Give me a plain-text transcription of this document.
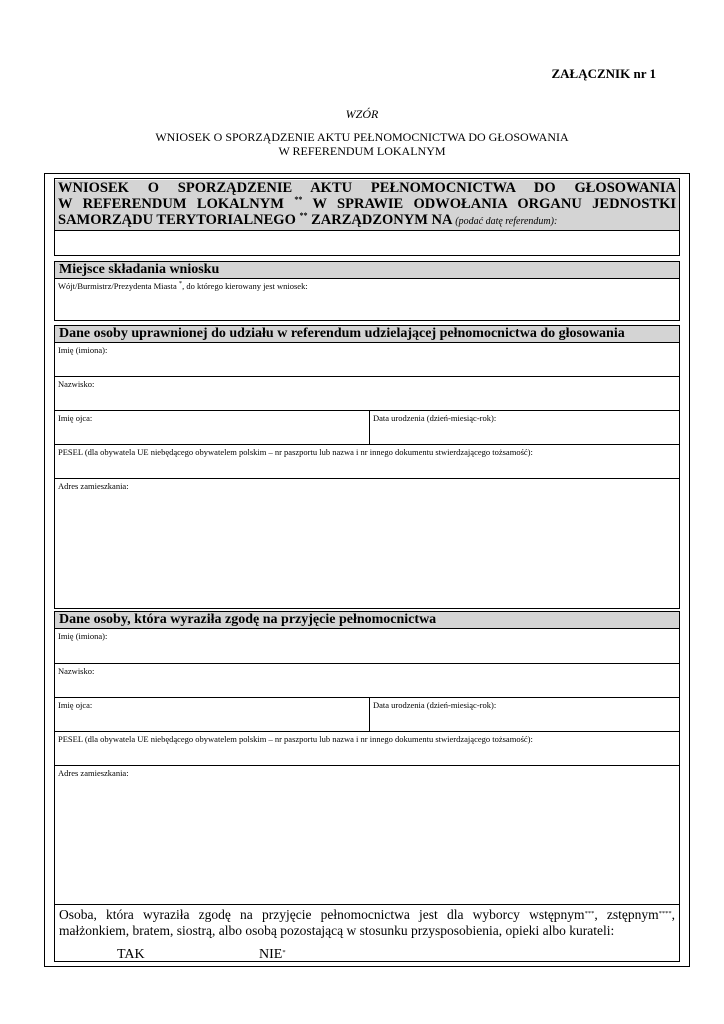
ZAŁĄCZNIK nr 1
WZÓR
WNIOSEK O SPORZĄDZENIE AKTU PEŁNOMOCNICTWA DO GŁOSOWANIA
W REFERENDUM LOKALNYM

WNIOSEK O SPORZĄDZENIE AKTU PEŁNOMOCNICTWA DO GŁOSOWANIA

W REFERENDUM LOKALNYM ** W SPRAWIE ODWOŁANIA ORGANU JEDNOSTKI

SAMORZĄDU TERYTORIALNEGO ** ZARZĄDZONYM NA (podać datę referendum):

Miejsce składania wniosku
Wójt/Burmistrz/Prezydenta Miasta *, do którego kierowany jest wniosek:
Dane osoby uprawnionej do udziału w referendum udzielającej pełnomocnictwa do głosowania
Imię (imiona):
Nazwisko:
Imię ojca:	Data urodzenia (dzień-miesiąc-rok):
PESEL (dla obywatela UE niebędącego obywatelem polskim – nr paszportu lub nazwa i nr innego dokumentu stwierdzającego tożsamość):
Adres zamieszkania:
Dane osoby, która wyraziła zgodę na przyjęcie pełnomocnictwa
Imię (imiona):
Nazwisko:
Imię ojca:	Data urodzenia (dzień-miesiąc-rok):
PESEL (dla obywatela UE niebędącego obywatelem polskim – nr paszportu lub nazwa i nr innego dokumentu stwierdzającego tożsamość):
Adres zamieszkania:
Osoba, która wyraziła zgodę na przyjęcie pełnomocnictwa jest dla wyborcy wstępnym***, zstępnym****,
małżonkiem, bratem, siostrą, albo osobą pozostającą w stosunku przysposobienia, opieki albo kurateli:
TAK	NIE*
